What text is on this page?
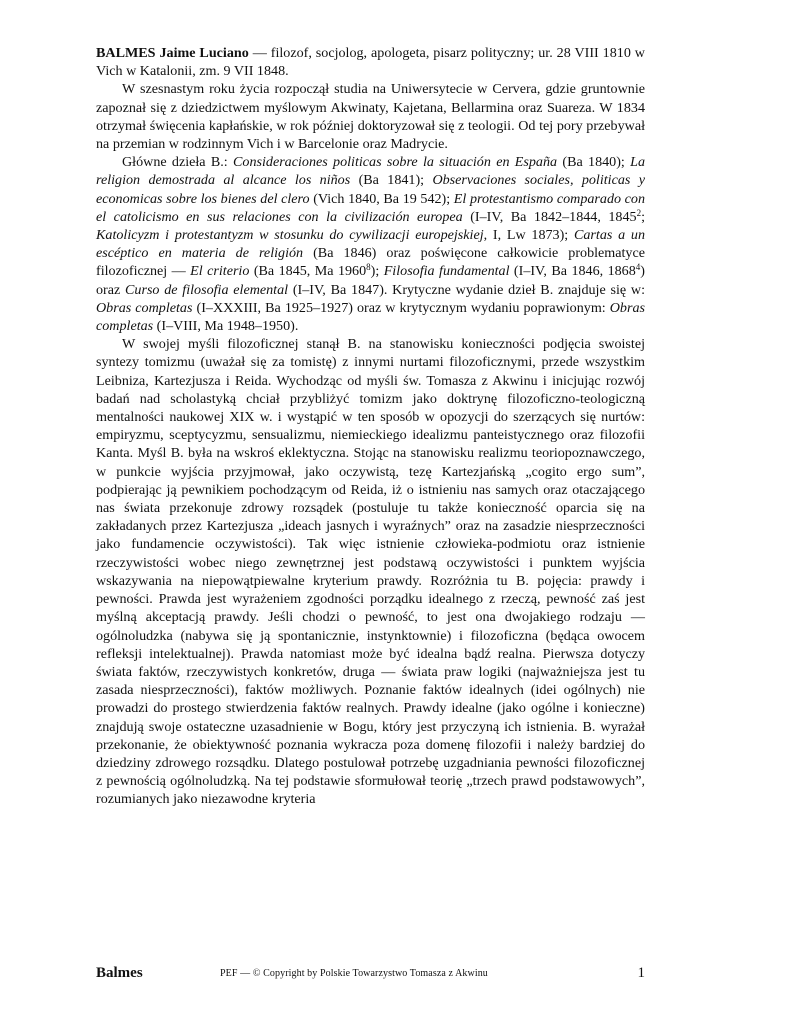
BALMES Jaime Luciano — filozof, socjolog, apologeta, pisarz polityczny; ur. 28 VIII 1810 w Vich w Katalonii, zm. 9 VII 1848.

W szesnastym roku życia rozpoczął studia na Uniwersytecie w Cervera, gdzie gruntownie zapoznał się z dziedzictwem myślowym Akwinaty, Kajetana, Bellarmina oraz Suareza. W 1834 otrzymał święcenia kapłańskie, w rok później doktoryzował się z teologii. Od tej pory przebywał na przemian w rodzinnym Vich i w Barcelonie oraz Madrycie.

Główne dzieła B.: Consideraciones politicas sobre la situación en España (Ba 1840); La religion demostrada al alcance los niños (Ba 1841); Observaciones sociales, politicas y economicas sobre los bienes del clero (Vich 1840, Ba 19 542); El protestantismo comparado con el catolicismo en sus relaciones con la civilización europea (I–IV, Ba 1842–1844, 1845$^2$; Katolicyzm i protestantyzm w stosunku do cywilizacji europejskiej, I, Lw 1873); Cartas a un escéptico en materia de religión (Ba 1846) oraz poświęcone całkowicie problematyce filozoficznej — El criterio (Ba 1845, Ma 1960$^8$); Filosofia fundamental (I–IV, Ba 1846, 1868$^4$) oraz Curso de filosofia elemental (I–IV, Ba 1847). Krytyczne wydanie dzieł B. znajduje się w: Obras completas (I–XXXIII, Ba 1925–1927) oraz w krytycznym wydaniu poprawionym: Obras completas (I–VIII, Ma 1948–1950).

W swojej myśli filozoficznej stanął B. na stanowisku konieczności podjęcia swoistej syntezy tomizmu (uważał się za tomistę) z innymi nurtami filozoficznymi, przede wszystkim Leibniza, Kartezjusza i Reida. Wychodząc od myśli św. Tomasza z Akwinu i inicjując rozwój badań nad scholastyką chciał przybliżyć tomizm jako doktrynę filozoficzno-teologiczną mentalności naukowej XIX w. i wystąpić w ten sposób w opozycji do szerzących się nurtów: empiryzmu, sceptycyzmu, sensualizmu, niemieckiego idealizmu panteistycznego oraz filozofii Kanta. Myśl B. była na wskroś eklektyczna. Stojąc na stanowisku realizmu teoriopoznawczego, w punkcie wyjścia przyjmował, jako oczywistą, tezę Kartezjańską „cogito ergo sum”, podpierając ją pewnikiem pochodzącym od Reida, iż o istnieniu nas samych oraz otaczającego nas świata przekonuje zdrowy rozsądek (postuluje tu także konieczność oparcia się na zakładanych przez Kartezjusza „ideach jasnych i wyraźnych” oraz na zasadzie niesprzeczności jako fundamencie oczywistości). Tak więc istnienie człowieka-podmiotu oraz istnienie rzeczywistości wobec niego zewnętrznej jest podstawą oczywistości i punktem wyjścia wskazywania na niepowątpiewalne kryterium prawdy. Rozróżnia tu B. pojęcia: prawdy i pewności. Prawda jest wyrażeniem zgodności porządku idealnego z rzeczą, pewność zaś jest myślną akceptacją prawdy. Jeśli chodzi o pewność, to jest ona dwojakiego rodzaju — ogólnoludzka (nabywa się ją spontanicznie, instynktownie) i filozoficzna (będąca owocem refleksji intelektualnej). Prawda natomiast może być idealna bądź realna. Pierwsza dotyczy świata faktów, rzeczywistych konkretów, druga — świata praw logiki (najważniejsza jest tu zasada niesprzeczności), faktów możliwych. Poznanie faktów idealnych (idei ogólnych) nie prowadzi do prostego stwierdzenia faktów realnych. Prawdy idealne (jako ogólne i konieczne) znajdują swoje ostateczne uzasadnienie w Bogu, który jest przyczyną ich istnienia. B. wyrażał przekonanie, że obiektywność poznania wykracza poza domenę filozofii i należy bardziej do dziedziny zdrowego rozsądku. Dlatego postulował potrzebę uzgadniania pewności filozoficznej z pewnością ogólnoludzką. Na tej podstawie sformułował teorię „trzech prawd podstawowych”, rozumianych jako niezawodne kryteria

Balmes	PEF — © Copyright by Polskie Towarzystwo Tomasza z Akwinu	1
